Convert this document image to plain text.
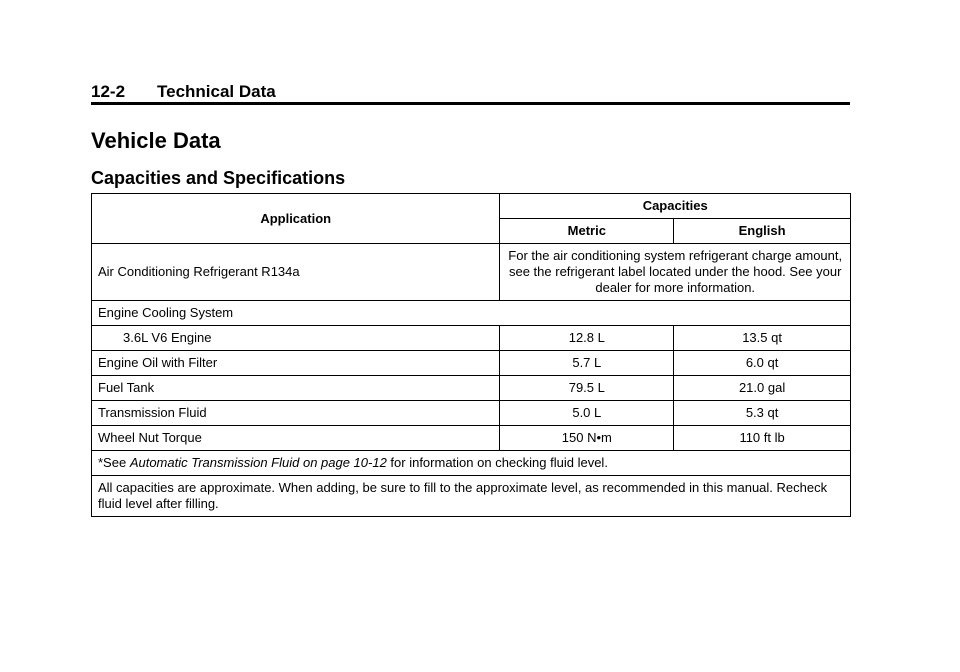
12-2 Technical Data
Vehicle Data
Capacities and Specifications
Application	Capacities	
	Metric	English
Air Conditioning Refrigerant R134a	For the air conditioning system refrigerant charge amount, see the refrigerant label located under the hood. See your dealer for more information.	
Engine Cooling System		
3.6L V6 Engine	12.8 L	13.5 qt
Engine Oil with Filter	5.7 L	6.0 qt
Fuel Tank	79.5 L	21.0 gal
Transmission Fluid	5.0 L	5.3 qt
Wheel Nut Torque	150 N•m	110 ft lb
*See Automatic Transmission Fluid on page 10-12 for information on checking fluid level.		
All capacities are approximate. When adding, be sure to fill to the approximate level, as recommended in this manual. Recheck fluid level after filling.		
